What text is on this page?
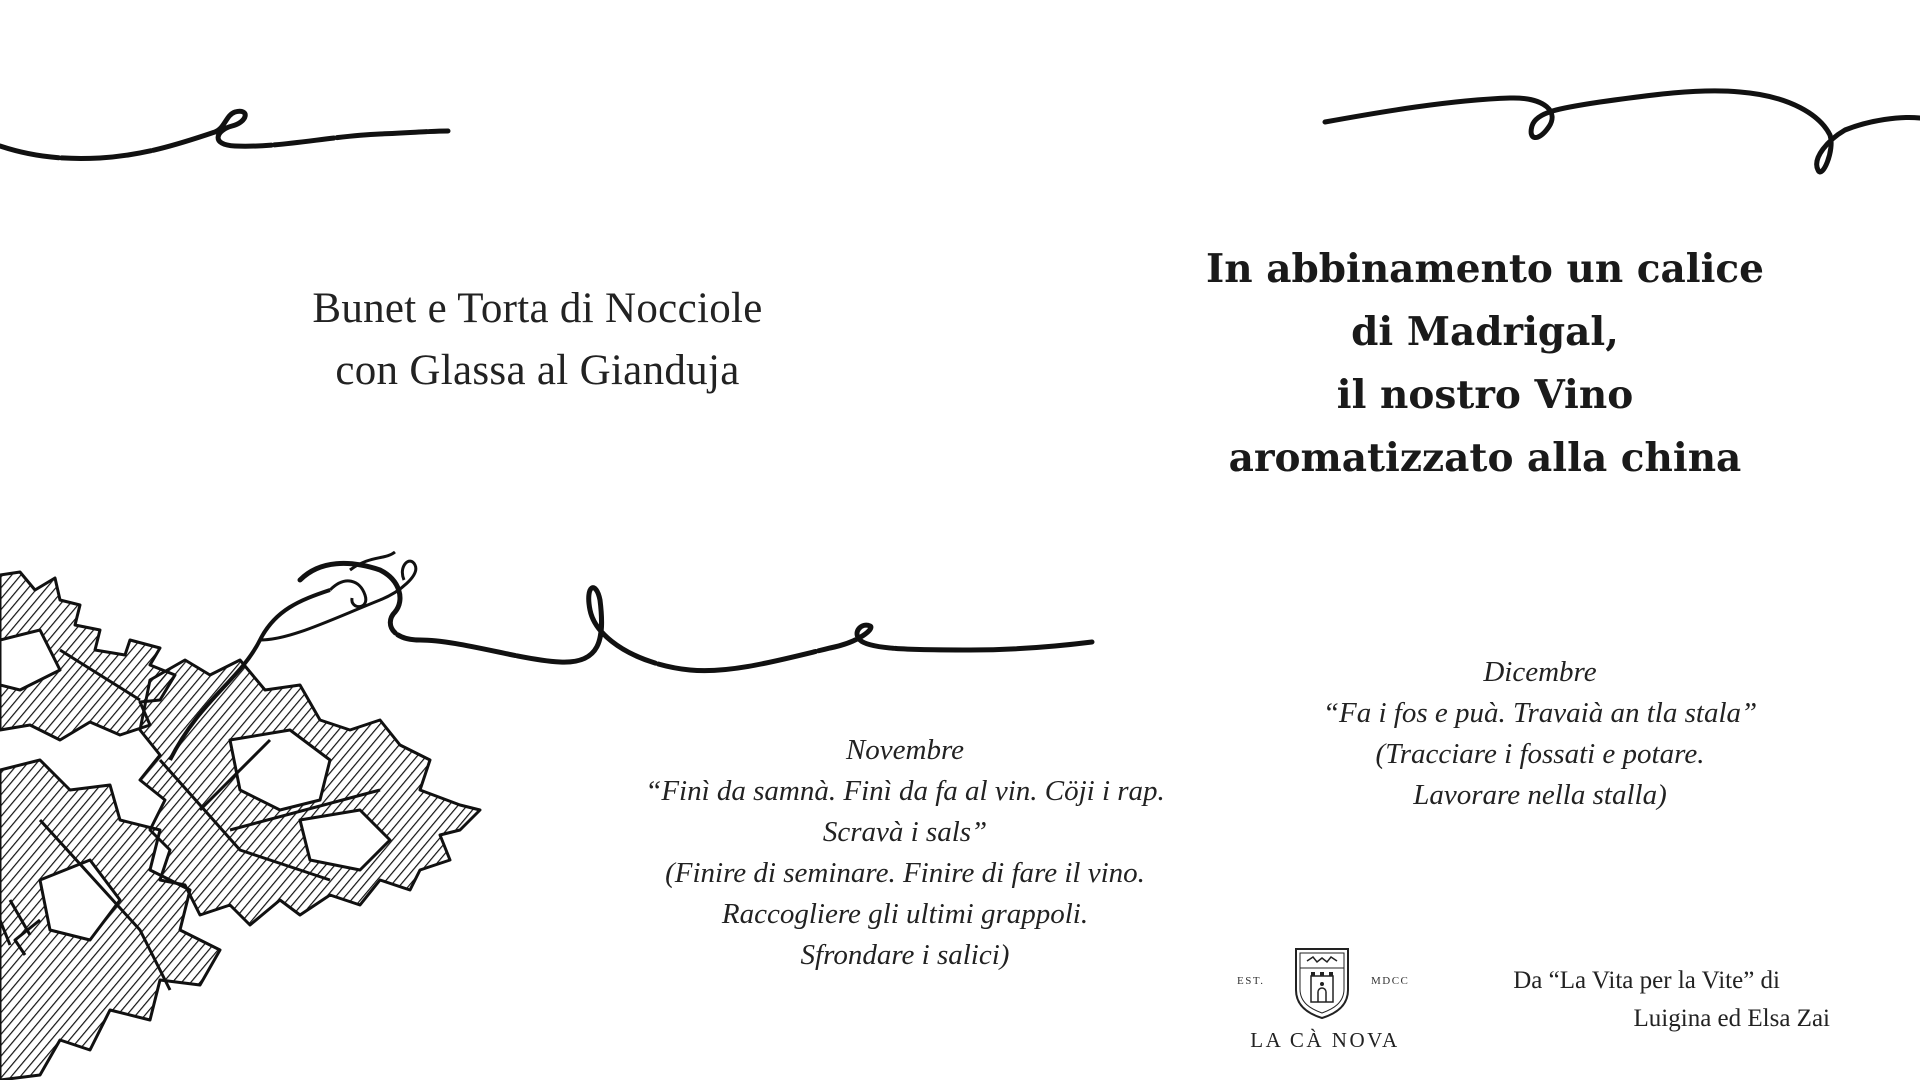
Bunet e Torta di Nocciole
con Glassa al Gianduja
In abbinamento un calice
di Madrigal,
il nostro Vino
aromatizzato alla china
Novembre
“Finì da samnà. Finì da fa al vin. Cöji i rap.
Scravà i sals”
(Finire di seminare. Finire di fare il vino.
Raccogliere gli ultimi grappoli.
Sfrondare i salici)
Dicembre
“Fa i fos e puà. Travaià an tla stala”
(Tracciare i fossati e potare.
Lavorare nella stalla)
EST.	MDCC
LA CÀ NOVA
Da “La Vita per la Vite” di
Luigina ed Elsa Zai
